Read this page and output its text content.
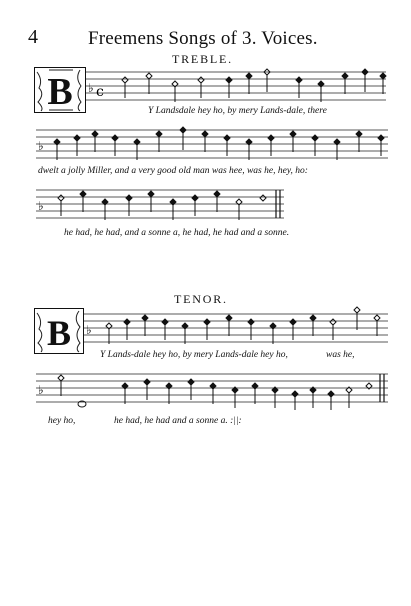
4	Freemens Songs of 3. Voices.
TREBLE.
B ♭ c
Y Landsdale hey ho, by mery Lands-dale, there
♭
dwelt a jolly Miller, and a very good old man was hee, was he, hey, ho:
♭
he had, he had, and a sonne a, he had, he had and a sonne.
TENOR.
B ♭
Y Lands-dale hey ho, by mery Lands-dale hey ho,	was he,
♭
hey ho,	he had, he had and a sonne a. :||:
